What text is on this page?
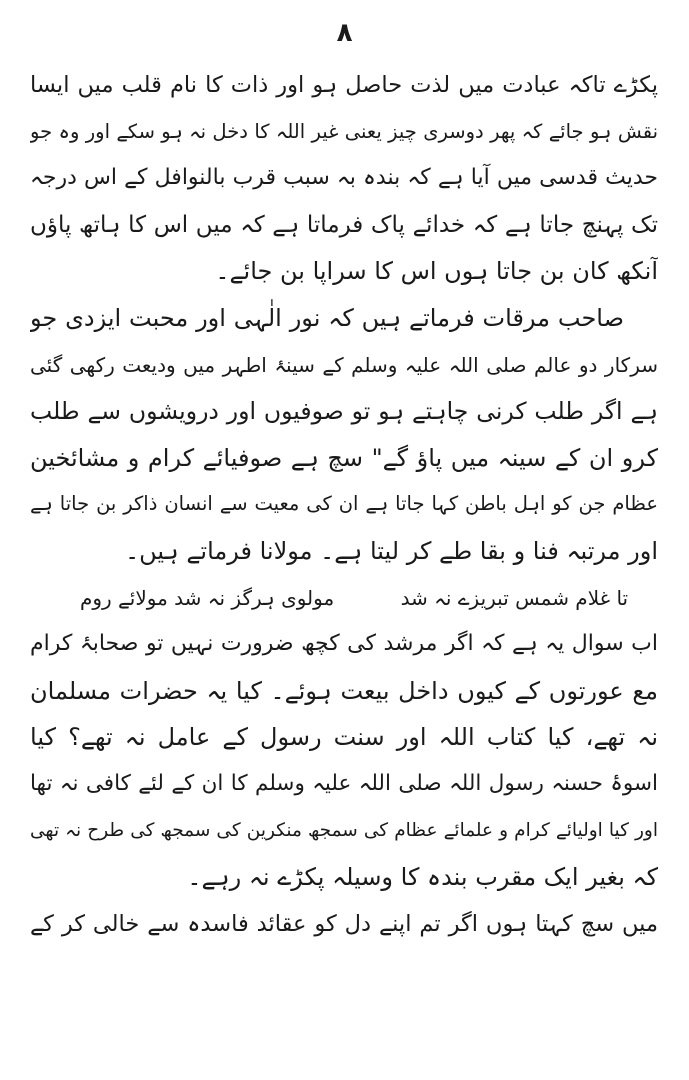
۸
پکڑے تاکہ عبادت میں لذت حاصل ہو اور ذات کا نام قلب میں ایسا
نقش ہو جائے کہ پھر دوسری چیز یعنی غیر اللہ کا دخل نہ ہو سکے اور وہ جو
حدیث قدسی میں آیا ہے کہ بندہ بہ سبب قرب بالنوافل کے اس درجہ
تک پہنچ جاتا ہے کہ خدائے پاک فرماتا ہے کہ میں اس کا ہاتھ پاؤں
آنکھ کان بن جاتا ہوں اس کا سراپا بن جائے۔
صاحب مرقات فرماتے ہیں کہ نور الٰہی اور محبت ایزدی جو
سرکار دو عالم صلی اللہ علیہ وسلم کے سینۂ اطہر میں ودیعت رکھی گئی
ہے اگر طلب کرنی چاہتے ہو تو صوفیوں اور درویشوں سے طلب
کرو ان کے سینہ میں پاؤ گے" سچ ہے صوفیائے کرام و مشائخین
عظام جن کو اہل باطن کہا جاتا ہے ان کی معیت سے انسان ذاکر بن جاتا ہے
اور مرتبہ فنا و بقا طے کر لیتا ہے۔ مولانا فرماتے ہیں۔
مولوی ہرگز نہ شد مولائے روم	تا غلام شمس تبریزے نہ شد
اب سوال یہ ہے کہ اگر مرشد کی کچھ ضرورت نہیں تو صحابۂ کرام
مع عورتوں کے کیوں داخل بیعت ہوئے۔ کیا یہ حضرات مسلمان
نہ تھے، کیا کتاب اللہ اور سنت رسول کے عامل نہ تھے؟ کیا
اسوۂ حسنہ رسول اللہ صلی اللہ علیہ وسلم کا ان کے لئے کافی نہ تھا
اور کیا اولیائے کرام و علمائے عظام کی سمجھ منکرین کی سمجھ کی طرح نہ تھی
کہ بغیر ایک مقرب بندہ کا وسیلہ پکڑے نہ رہے۔
میں سچ کہتا ہوں اگر تم اپنے دل کو عقائد فاسدہ سے خالی کر کے
